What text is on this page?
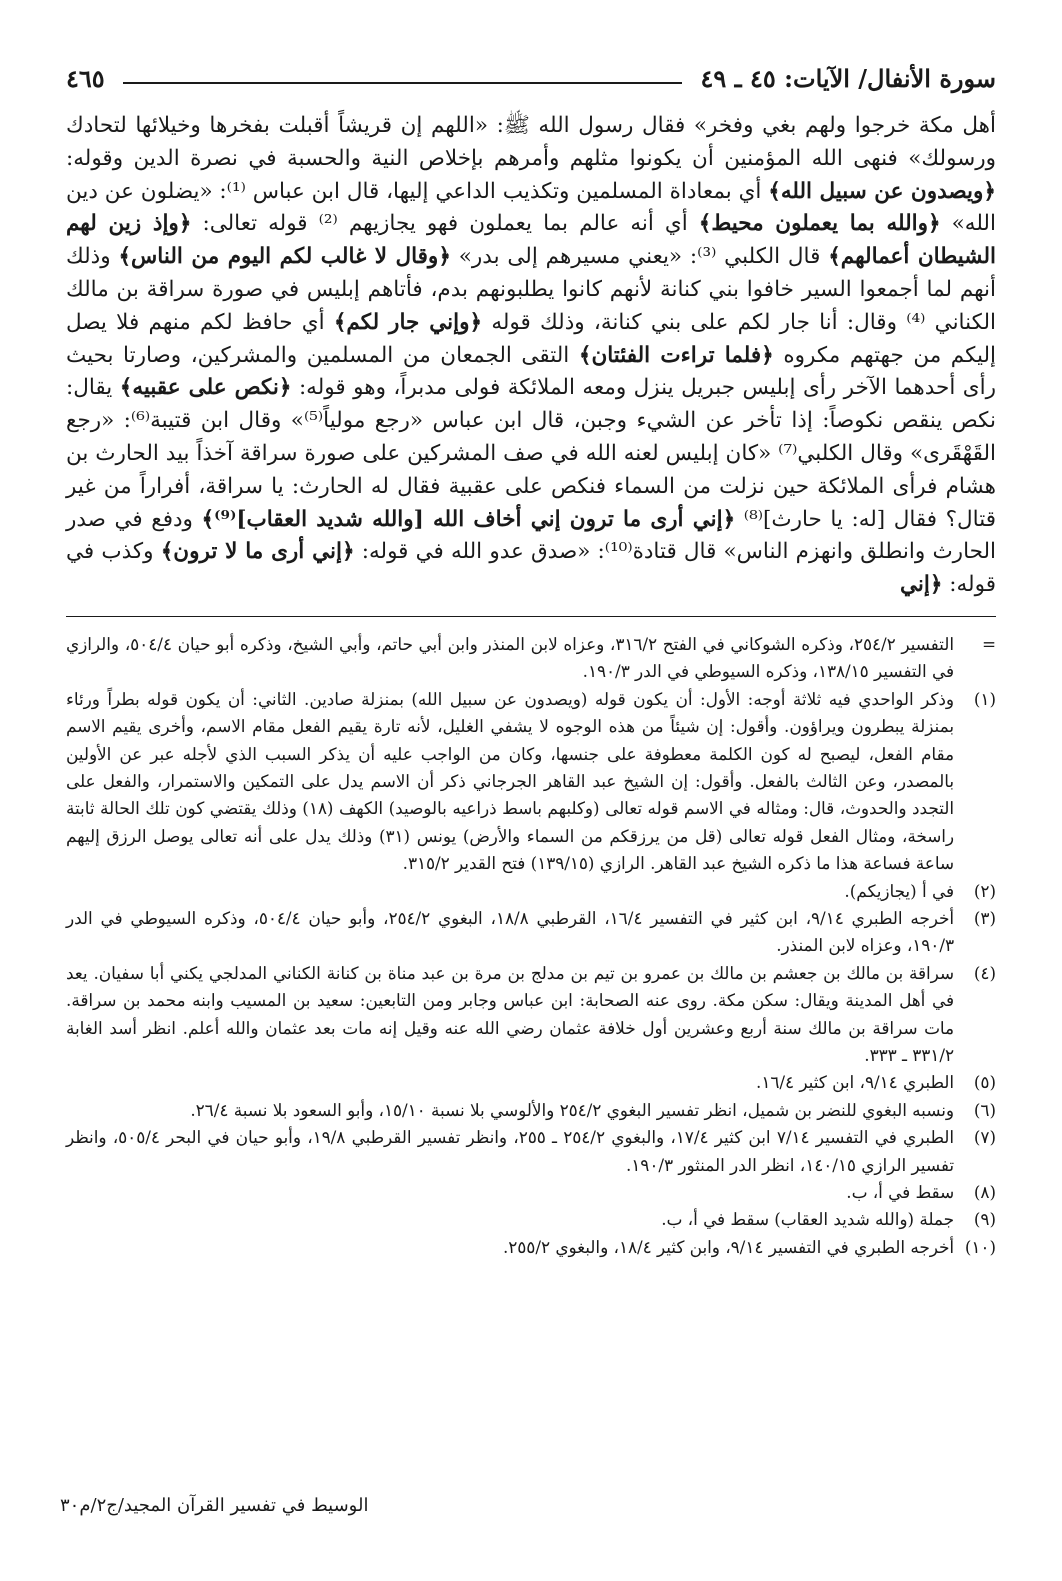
سورة الأنفال/ الآيات: ٤٥ ـ ٤٩
٤٦٥
أهل مكة خرجوا ولهم بغي وفخر» فقال رسول الله ﷺ: «اللهم إن قريشاً أقبلت بفخرها وخيلائها لتحادك ورسولك» فنهى الله المؤمنين أن يكونوا مثلهم وأمرهم بإخلاص النية والحسبة في نصرة الدين وقوله: ﴿ويصدون عن سبيل الله﴾ أي بمعاداة المسلمين وتكذيب الداعي إليها، قال ابن عباس ⁽¹⁾: «يضلون عن دين الله» ﴿والله بما يعملون محيط﴾ أي أنه عالم بما يعملون فهو يجازيهم ⁽²⁾ قوله تعالى: ﴿وإذ زين لهم الشيطان أعمالهم﴾ قال الكلبي ⁽³⁾: «يعني مسيرهم إلى بدر» ﴿وقال لا غالب لكم اليوم من الناس﴾ وذلك أنهم لما أجمعوا السير خافوا بني كنانة لأنهم كانوا يطلبونهم بدم، فأتاهم إبليس في صورة سراقة بن مالك الكناني ⁽⁴⁾ وقال: أنا جار لكم على بني كنانة، وذلك قوله ﴿وإني جار لكم﴾ أي حافظ لكم منهم فلا يصل إليكم من جهتهم مكروه ﴿فلما تراءت الفئتان﴾ التقى الجمعان من المسلمين والمشركين، وصارتا بحيث رأى أحدهما الآخر رأى إبليس جبريل ينزل ومعه الملائكة فولى مدبراً، وهو قوله: ﴿نكص على عقبيه﴾ يقال: نكص ينقص نكوصاً: إذا تأخر عن الشيء وجبن، قال ابن عباس «رجع مولياً⁽⁵⁾» وقال ابن قتيبة⁽⁶⁾: «رجع القَهْقَرى» وقال الكلبي⁽⁷⁾ «كان إبليس لعنه الله في صف المشركين على صورة سراقة آخذاً بيد الحارث بن هشام فرأى الملائكة حين نزلت من السماء فنكص على عقبية فقال له الحارث: يا سراقة، أفراراً من غير قتال؟ فقال [له: يا حارث]⁽⁸⁾ ﴿إني أرى ما ترون إني أخاف الله [والله شديد العقاب]⁽⁹⁾﴾ ودفع في صدر الحارث وانطلق وانهزم الناس» قال قتادة⁽¹⁰⁾: «صدق عدو الله في قوله: ﴿إني أرى ما لا ترون﴾ وكذب في قوله: ﴿إني
=
التفسير ٢٥٤/٢، وذكره الشوكاني في الفتح ٣١٦/٢، وعزاه لابن المنذر وابن أبي حاتم، وأبي الشيخ، وذكره أبو حيان ٥٠٤/٤، والرازي في التفسير ١٣٨/١٥، وذكره السيوطي في الدر ١٩٠/٣.
(١)
وذكر الواحدي فيه ثلاثة أوجه: الأول: أن يكون قوله (ويصدون عن سبيل الله) بمنزلة صادين. الثاني: أن يكون قوله بطراً ورئاء بمنزلة يبطرون ويراؤون. وأقول: إن شيئاً من هذه الوجوه لا يشفي الغليل، لأنه تارة يقيم الفعل مقام الاسم، وأخرى يقيم الاسم مقام الفعل، ليصبح له كون الكلمة معطوفة على جنسها، وكان من الواجب عليه أن يذكر السبب الذي لأجله عبر عن الأولين بالمصدر، وعن الثالث بالفعل. وأقول: إن الشيخ عبد القاهر الجرجاني ذكر أن الاسم يدل على التمكين والاستمرار، والفعل على التجدد والحدوث، قال: ومثاله في الاسم قوله تعالى (وكلبهم باسط ذراعيه بالوصيد) الكهف (١٨) وذلك يقتضي كون تلك الحالة ثابتة راسخة، ومثال الفعل قوله تعالى (قل من يرزقكم من السماء والأرض) يونس (٣١) وذلك يدل على أنه تعالى يوصل الرزق إليهم ساعة فساعة هذا ما ذكره الشيخ عبد القاهر. الرازي (١٣٩/١٥) فتح القدير ٣١٥/٢.
(٢)
في أ (يجازيكم).
(٣)
أخرجه الطبري ٩/١٤، ابن كثير في التفسير ١٦/٤، القرطبي ١٨/٨، البغوي ٢٥٤/٢، وأبو حيان ٥٠٤/٤، وذكره السيوطي في الدر ١٩٠/٣، وعزاه لابن المنذر.
(٤)
سراقة بن مالك بن جعشم بن مالك بن عمرو بن تيم بن مدلج بن مرة بن عبد مناة بن كنانة الكناني المدلجي يكني أبا سفيان. يعد في أهل المدينة ويقال: سكن مكة. روى عنه الصحابة: ابن عباس وجابر ومن التابعين: سعيد بن المسيب وابنه محمد بن سراقة. مات سراقة بن مالك سنة أربع وعشرين أول خلافة عثمان رضي الله عنه وقيل إنه مات بعد عثمان والله أعلم. انظر أسد الغابة ٣٣١/٢ ـ ٣٣٣.
(٥)
الطبري ٩/١٤، ابن كثير ١٦/٤.
(٦)
ونسبه البغوي للنضر بن شميل، انظر تفسير البغوي ٢٥٤/٢ والألوسي بلا نسبة ١٥/١٠، وأبو السعود بلا نسبة ٢٦/٤.
(٧)
الطبري في التفسير ٧/١٤ ابن كثير ١٧/٤، والبغوي ٢٥٤/٢ ـ ٢٥٥، وانظر تفسير القرطبي ١٩/٨، وأبو حيان في البحر ٥٠٥/٤، وانظر تفسير الرازي ١٤٠/١٥، انظر الدر المنثور ١٩٠/٣.
(٨)
سقط في أ، ب.
(٩)
جملة (والله شديد العقاب) سقط في أ، ب.
(١٠)
أخرجه الطبري في التفسير ٩/١٤، وابن كثير ١٨/٤، والبغوي ٢٥٥/٢.
الوسيط في تفسير القرآن المجيد/ج٢/م٣٠
